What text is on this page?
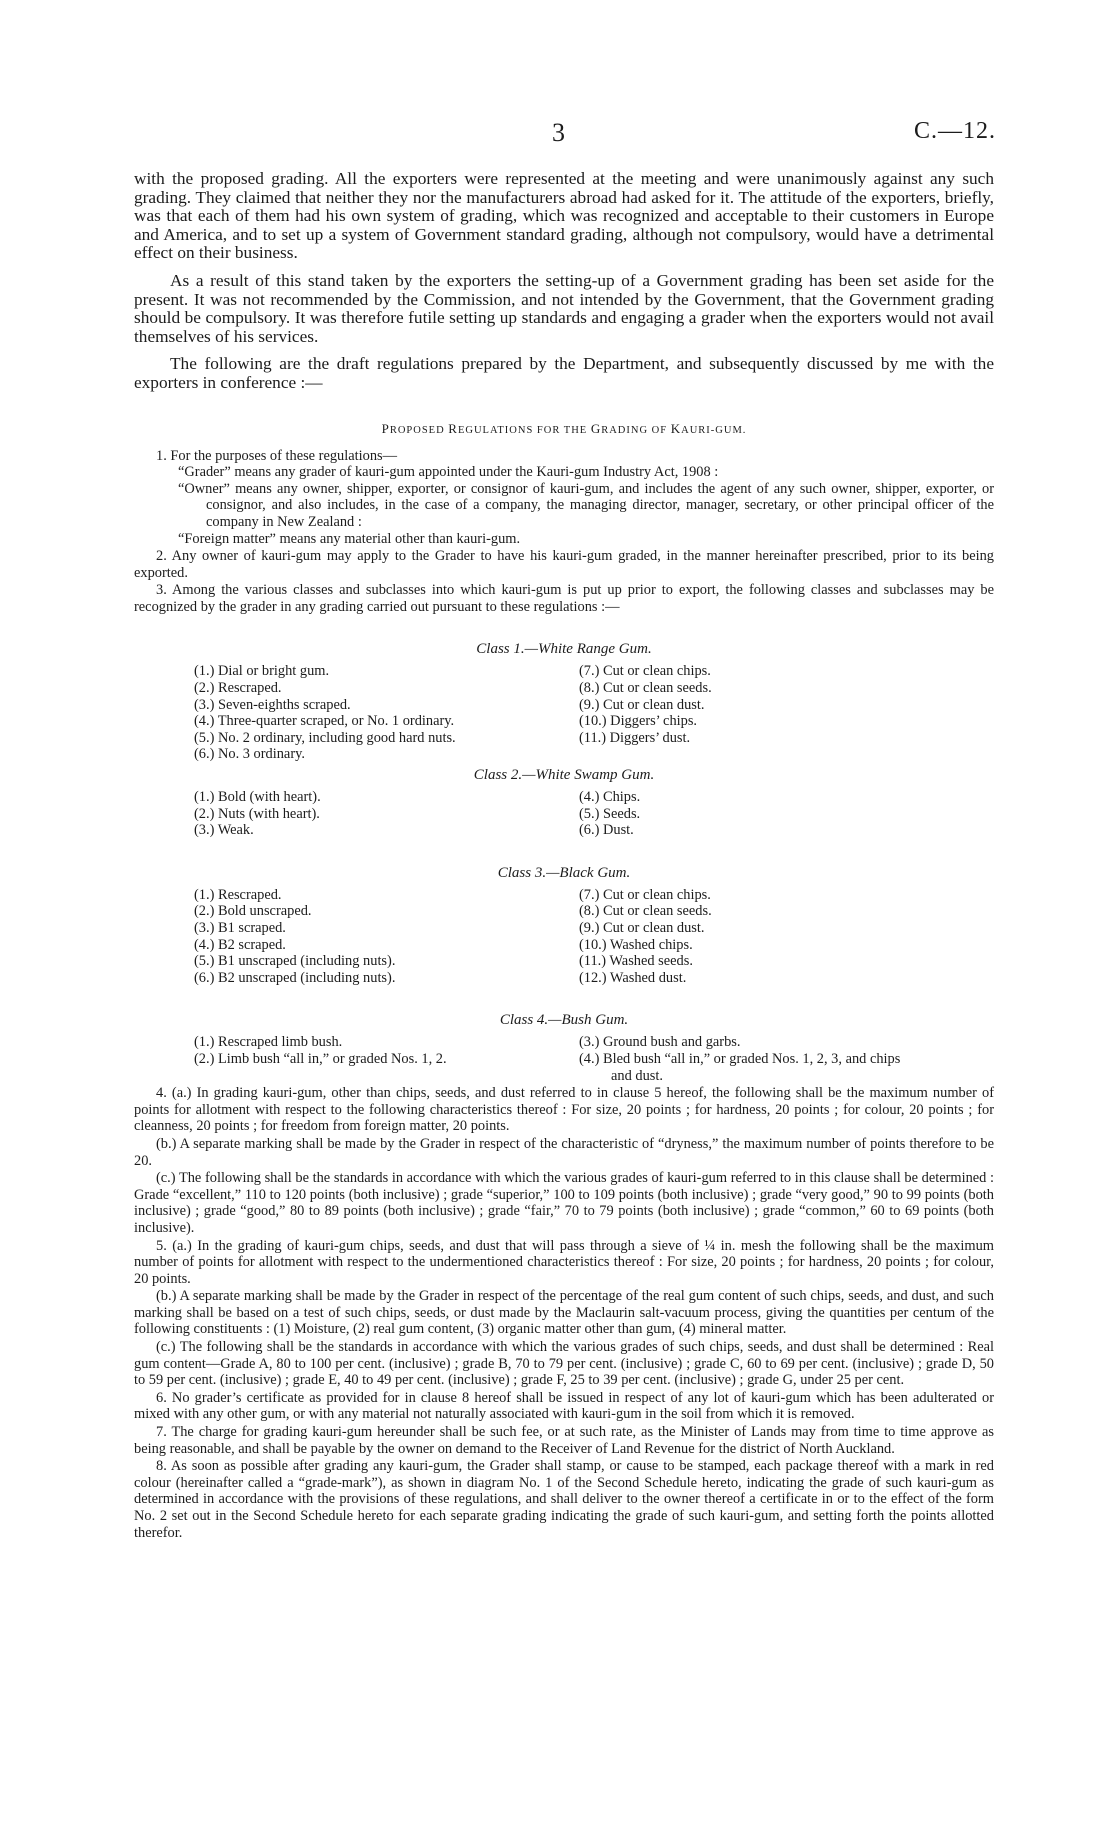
3	C.—12.

with the proposed grading. All the exporters were represented at the meeting and were unanimously against any such grading. They claimed that neither they nor the manufacturers abroad had asked for it. The attitude of the exporters, briefly, was that each of them had his own system of grading, which was recognized and acceptable to their customers in Europe and America, and to set up a system of Government standard grading, although not compulsory, would have a detrimental effect on their business.

As a result of this stand taken by the exporters the setting-up of a Government grading has been set aside for the present. It was not recommended by the Commission, and not intended by the Government, that the Government grading should be compulsory. It was therefore futile setting up standards and engaging a grader when the exporters would not avail themselves of his services.

The following are the draft regulations prepared by the Department, and subsequently discussed by me with the exporters in conference :—

PROPOSED REGULATIONS FOR THE GRADING OF KAURI-GUM.

1. For the purposes of these regulations—

“Grader” means any grader of kauri-gum appointed under the Kauri-gum Industry Act, 1908 :

“Owner” means any owner, shipper, exporter, or consignor of kauri-gum, and includes the agent of any such owner, shipper, exporter, or consignor, and also includes, in the case of a company, the managing director, manager, secretary, or other principal officer of the company in New Zealand :

“Foreign matter” means any material other than kauri-gum.

2. Any owner of kauri-gum may apply to the Grader to have his kauri-gum graded, in the manner hereinafter prescribed, prior to its being exported.

3. Among the various classes and subclasses into which kauri-gum is put up prior to export, the following classes and subclasses may be recognized by the grader in any grading carried out pursuant to these regulations :—

Class 1.—White Range Gum.
(1.) Dial or bright gum.
(2.) Rescraped.
(3.) Seven-eighths scraped.
(4.) Three-quarter scraped, or No. 1 ordinary.
(5.) No. 2 ordinary, including good hard nuts.
(6.) No. 3 ordinary.
(7.) Cut or clean chips.
(8.) Cut or clean seeds.
(9.) Cut or clean dust.
(10.) Diggers’ chips.
(11.) Diggers’ dust.
Class 2.—White Swamp Gum.
(1.) Bold (with heart).
(2.) Nuts (with heart).
(3.) Weak.
(4.) Chips.
(5.) Seeds.
(6.) Dust.
Class 3.—Black Gum.
(1.) Rescraped.
(2.) Bold unscraped.
(3.) B1 scraped.
(4.) B2 scraped.
(5.) B1 unscraped (including nuts).
(6.) B2 unscraped (including nuts).
(7.) Cut or clean chips.
(8.) Cut or clean seeds.
(9.) Cut or clean dust.
(10.) Washed chips.
(11.) Washed seeds.
(12.) Washed dust.
Class 4.—Bush Gum.
(1.) Rescraped limb bush.
(2.) Limb bush “all in,” or graded Nos. 1, 2.
(3.) Ground bush and garbs.
(4.) Bled bush “all in,” or graded Nos. 1, 2, 3, and chips and dust.

4. (a.) In grading kauri-gum, other than chips, seeds, and dust referred to in clause 5 hereof, the following shall be the maximum number of points for allotment with respect to the following characteristics thereof : For size, 20 points ; for hardness, 20 points ; for colour, 20 points ; for cleanness, 20 points ; for freedom from foreign matter, 20 points.

(b.) A separate marking shall be made by the Grader in respect of the characteristic of “dryness,” the maximum number of points therefore to be 20.

(c.) The following shall be the standards in accordance with which the various grades of kauri-gum referred to in this clause shall be determined : Grade “excellent,” 110 to 120 points (both inclusive) ; grade “superior,” 100 to 109 points (both inclusive) ; grade “very good,” 90 to 99 points (both inclusive) ; grade “good,” 80 to 89 points (both inclusive) ; grade “fair,” 70 to 79 points (both inclusive) ; grade “common,” 60 to 69 points (both inclusive).

5. (a.) In the grading of kauri-gum chips, seeds, and dust that will pass through a sieve of ¼ in. mesh the following shall be the maximum number of points for allotment with respect to the undermentioned characteristics thereof : For size, 20 points ; for hardness, 20 points ; for colour, 20 points.

(b.) A separate marking shall be made by the Grader in respect of the percentage of the real gum content of such chips, seeds, and dust, and such marking shall be based on a test of such chips, seeds, or dust made by the Maclaurin salt-vacuum process, giving the quantities per centum of the following constituents : (1) Moisture, (2) real gum content, (3) organic matter other than gum, (4) mineral matter.

(c.) The following shall be the standards in accordance with which the various grades of such chips, seeds, and dust shall be determined : Real gum content—Grade A, 80 to 100 per cent. (inclusive) ; grade B, 70 to 79 per cent. (inclusive) ; grade C, 60 to 69 per cent. (inclusive) ; grade D, 50 to 59 per cent. (inclusive) ; grade E, 40 to 49 per cent. (inclusive) ; grade F, 25 to 39 per cent. (inclusive) ; grade G, under 25 per cent.

6. No grader’s certificate as provided for in clause 8 hereof shall be issued in respect of any lot of kauri-gum which has been adulterated or mixed with any other gum, or with any material not naturally associated with kauri-gum in the soil from which it is removed.

7. The charge for grading kauri-gum hereunder shall be such fee, or at such rate, as the Minister of Lands may from time to time approve as being reasonable, and shall be payable by the owner on demand to the Receiver of Land Revenue for the district of North Auckland.

8. As soon as possible after grading any kauri-gum, the Grader shall stamp, or cause to be stamped, each package thereof with a mark in red colour (hereinafter called a “grade-mark”), as shown in diagram No. 1 of the Second Schedule hereto, indicating the grade of such kauri-gum as determined in accordance with the provisions of these regulations, and shall deliver to the owner thereof a certificate in or to the effect of the form No. 2 set out in the Second Schedule hereto for each separate grading indicating the grade of such kauri-gum, and setting forth the points allotted therefor.
